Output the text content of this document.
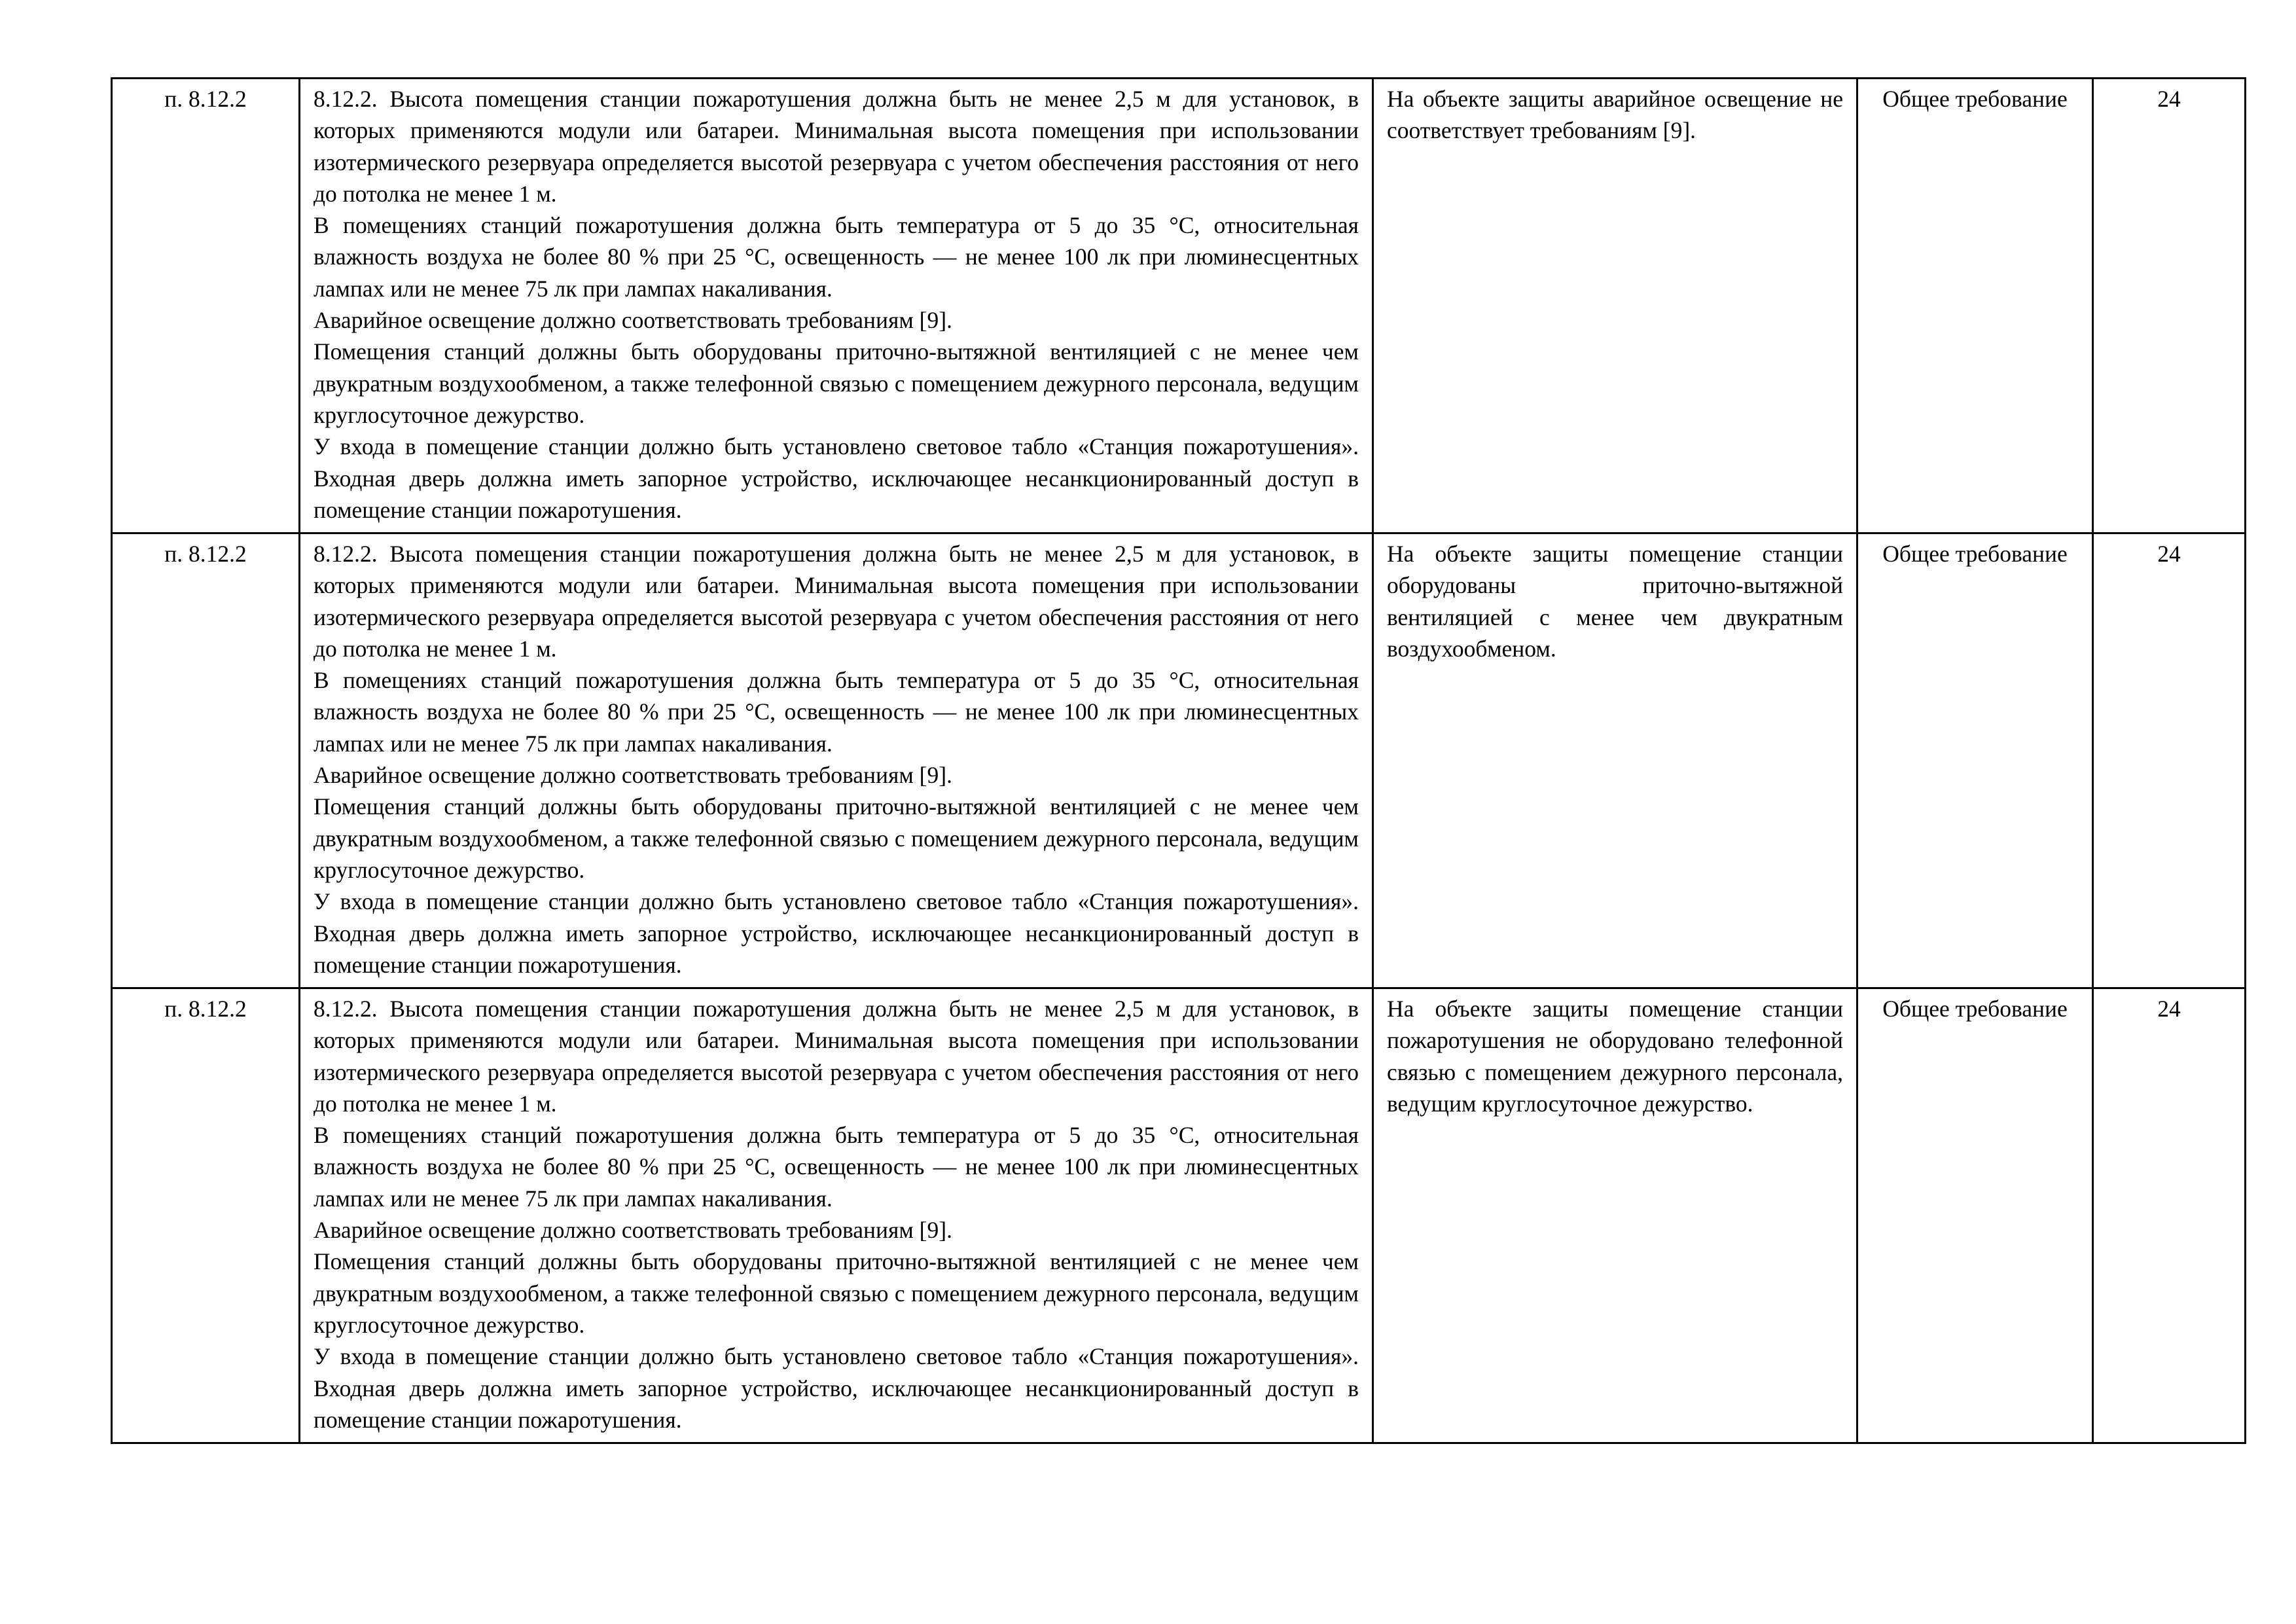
п. 8.12.2	8.12.2. Высота помещения станции пожаротушения должна быть не менее 2,5 м для установок, в которых применяются модули или батареи. Минимальная высота помещения при использовании изотермического резервуара определяется высотой резервуара с учетом обеспечения расстояния от него до потолка не менее 1 м.
В помещениях станций пожаротушения должна быть температура от 5 до 35 °С, относительная влажность воздуха не более 80 % при 25 °С, освещенность — не менее 100 лк при люминесцентных лампах или не менее 75 лк при лампах накаливания.
Аварийное освещение должно соответствовать требованиям [9].
Помещения станций должны быть оборудованы приточно-вытяжной вентиляцией с не менее чем двукратным воздухообменом, а также телефонной связью с помещением дежурного персонала, ведущим круглосуточное дежурство.
У входа в помещение станции должно быть установлено световое табло «Станция пожаротушения». Входная дверь должна иметь запорное устройство, исключающее несанкционированный доступ в помещение станции пожаротушения.	На объекте защиты аварийное освещение не соответствует требованиям [9].	Общее требование	24
п. 8.12.2	8.12.2. Высота помещения станции пожаротушения должна быть не менее 2,5 м для установок, в которых применяются модули или батареи. Минимальная высота помещения при использовании изотермического резервуара определяется высотой резервуара с учетом обеспечения расстояния от него до потолка не менее 1 м.
В помещениях станций пожаротушения должна быть температура от 5 до 35 °С, относительная влажность воздуха не более 80 % при 25 °С, освещенность — не менее 100 лк при люминесцентных лампах или не менее 75 лк при лампах накаливания.
Аварийное освещение должно соответствовать требованиям [9].
Помещения станций должны быть оборудованы приточно-вытяжной вентиляцией с не менее чем двукратным воздухообменом, а также телефонной связью с помещением дежурного персонала, ведущим круглосуточное дежурство.
У входа в помещение станции должно быть установлено световое табло «Станция пожаротушения». Входная дверь должна иметь запорное устройство, исключающее несанкционированный доступ в помещение станции пожаротушения.	На объекте защиты помещение станции оборудованы приточно-вытяжной вентиляцией с менее чем двукратным воздухообменом.	Общее требование	24
п. 8.12.2	8.12.2. Высота помещения станции пожаротушения должна быть не менее 2,5 м для установок, в которых применяются модули или батареи. Минимальная высота помещения при использовании изотермического резервуара определяется высотой резервуара с учетом обеспечения расстояния от него до потолка не менее 1 м.
В помещениях станций пожаротушения должна быть температура от 5 до 35 °С, относительная влажность воздуха не более 80 % при 25 °С, освещенность — не менее 100 лк при люминесцентных лампах или не менее 75 лк при лампах накаливания.
Аварийное освещение должно соответствовать требованиям [9].
Помещения станций должны быть оборудованы приточно-вытяжной вентиляцией с не менее чем двукратным воздухообменом, а также телефонной связью с помещением дежурного персонала, ведущим круглосуточное дежурство.
У входа в помещение станции должно быть установлено световое табло «Станция пожаротушения». Входная дверь должна иметь запорное устройство, исключающее несанкционированный доступ в помещение станции пожаротушения.	На объекте защиты помещение станции пожаротушения не оборудовано телефонной связью с помещением дежурного персонала, ведущим круглосуточное дежурство.	Общее требование	24
